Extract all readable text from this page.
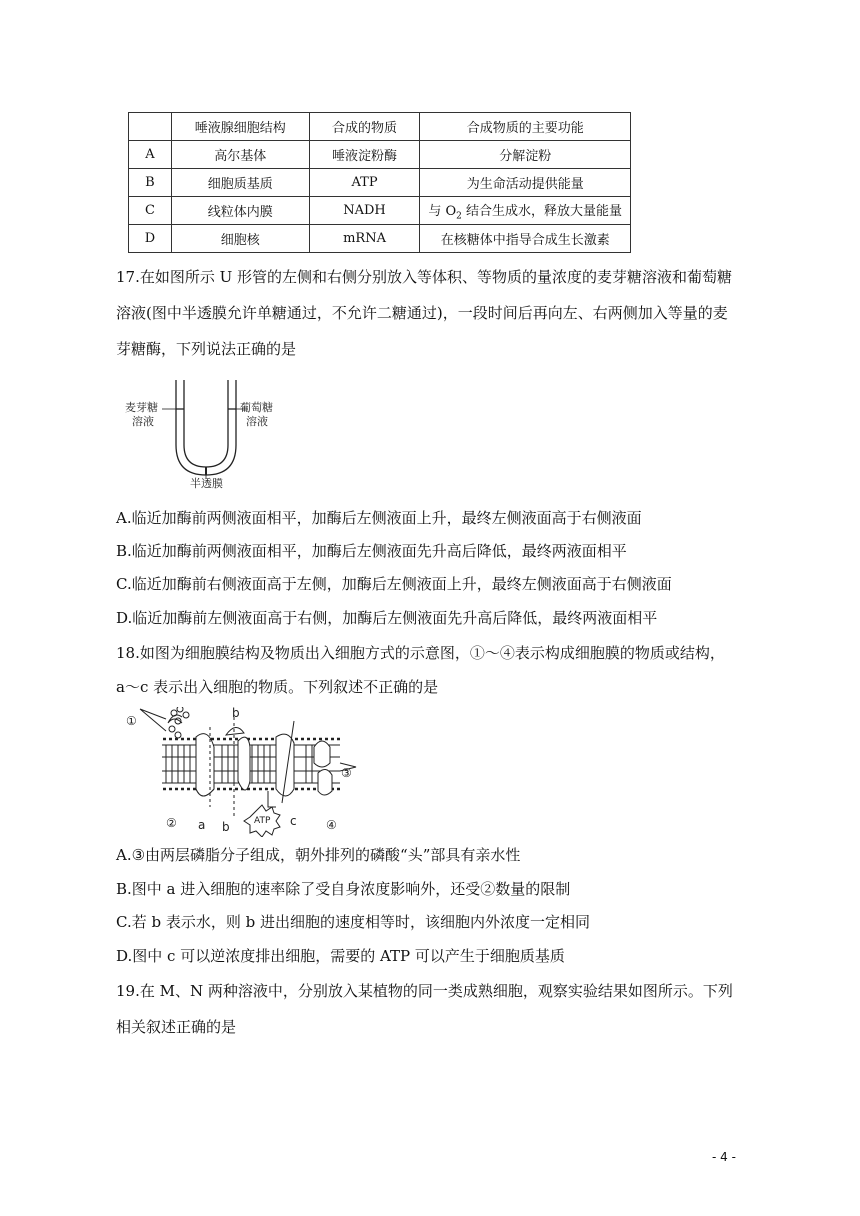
	唾液腺细胞结构	合成的物质	合成物质的主要功能
A	高尔基体	唾液淀粉酶	分解淀粉
B	细胞质基质	ATP	为生命活动提供能量
C	线粒体内膜	NADH	与 $O_2$ 结合生成水，释放大量能量
D	细胞核	mRNA	在核糖体中指导合成生长激素
17.在如图所示 U 形管的左侧和右侧分别放入等体积、等物质的量浓度的麦芽糖溶液和葡萄糖
溶液(图中半透膜允许单糖通过，不允许二糖通过)，一段时间后再向左、右两侧加入等量的麦
芽糖酶，下列说法正确的是
麦芽糖
溶液
葡萄糖
溶液
半透膜
A.临近加酶前两侧液面相平，加酶后左侧液面上升，最终左侧液面高于右侧液面
B.临近加酶前两侧液面相平，加酶后左侧液面先升高后降低，最终两液面相平
C.临近加酶前右侧液面高于左侧，加酶后左侧液面上升，最终左侧液面高于右侧液面
D.临近加酶前左侧液面高于右侧，加酶后左侧液面先升高后降低，最终两液面相平
18.如图为细胞膜结构及物质出入细胞方式的示意图，①～④表示构成细胞膜的物质或结构，
a～c 表示出入细胞的物质。下列叙述不正确的是
①
②
③
④
a
b
b	c
ATP
A.③由两层磷脂分子组成，朝外排列的磷酸“头”部具有亲水性
B.图中 a 进入细胞的速率除了受自身浓度影响外，还受②数量的限制
C.若 b 表示水，则 b 进出细胞的速度相等时，该细胞内外浓度一定相同
D.图中 c 可以逆浓度排出细胞，需要的 ATP 可以产生于细胞质基质
19.在 M、N 两种溶液中，分别放入某植物的同一类成熟细胞，观察实验结果如图所示。下列
相关叙述正确的是
- 4 -
